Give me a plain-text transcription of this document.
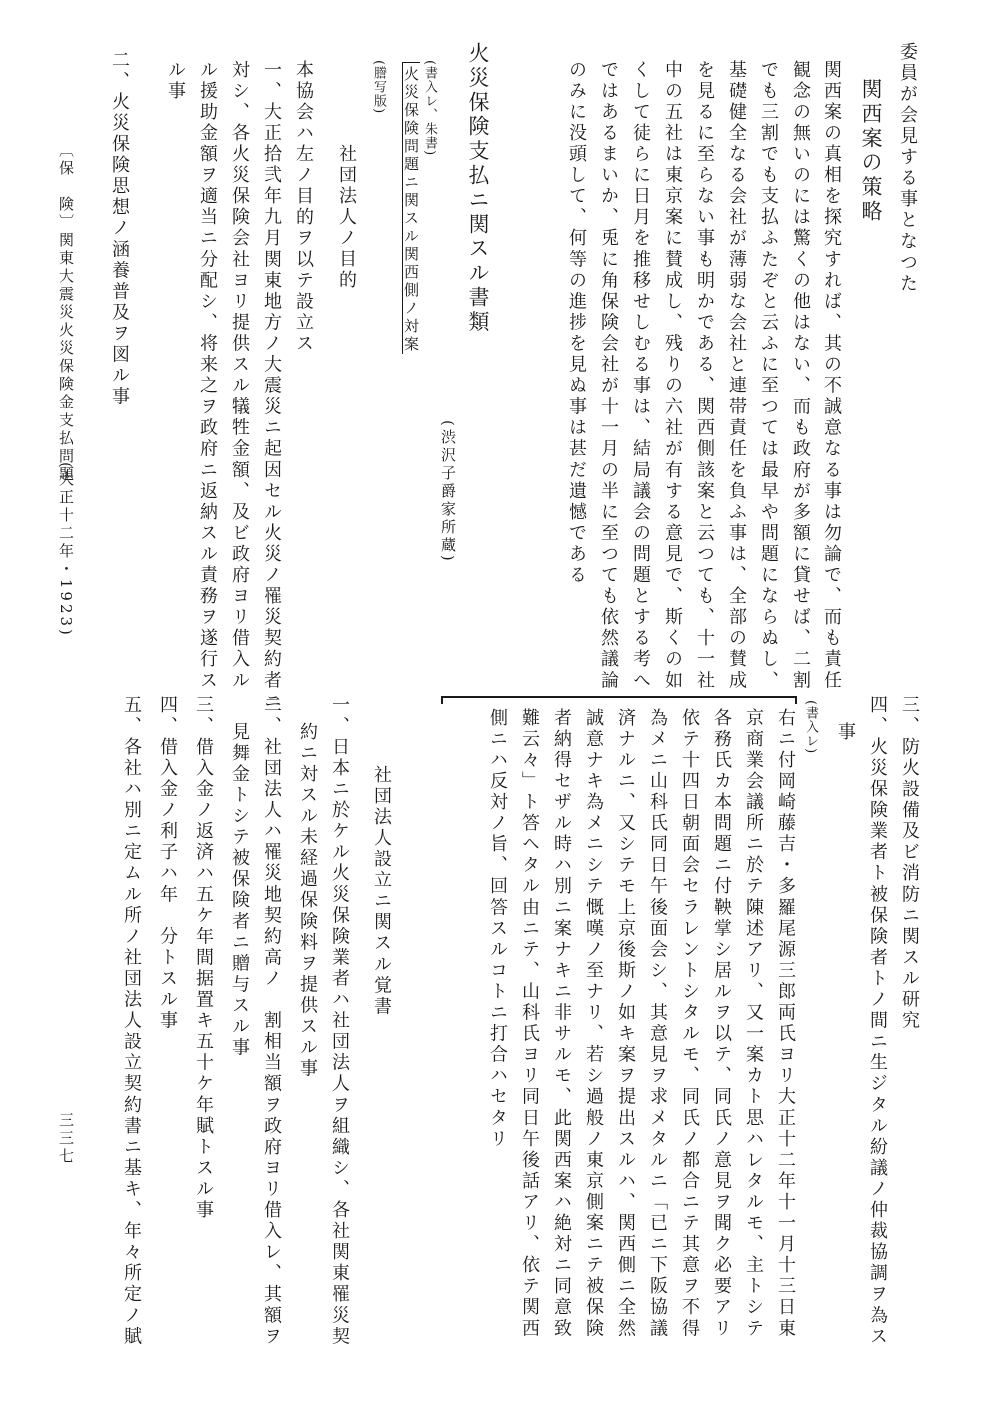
委員が会見する事となつた
関西案の策略
関西案の真相を探究すれば、其の不誠意なる事は勿論で、而も責任
観念の無いのには驚くの他はない、而も政府が多額に貸せば、二割
でも三割でも支払ふたぞと云ふに至つては最早や問題にならぬし、
基礎健全なる会社が薄弱な会社と連帯責任を負ふ事は、全部の賛成
を見るに至らない事も明かである、関西側該案と云つても、十一社
中の五社は東京案に賛成し、残りの六社が有する意見で、斯くの如
くして徒らに日月を推移せしむる事は、結局議会の問題とする考へ
ではあるまいか、兎に角保険会社が十一月の半に至つても依然議論
のみに没頭して、何等の進捗を見ぬ事は甚だ遺憾である
火災保険支払ニ関スル書類
(渋沢子爵家所蔵)
(書入レ、朱書)
火災保険問題ニ関スル関西側ノ対案
(謄写版)
社団法人ノ目的
本協会ハ左ノ目的ヲ以テ設立ス
一、大正拾弐年九月関東地方ノ大震災ニ起因セル火災ノ罹災契約者ニ
対シ、各火災保険会社ヨリ提供スル犠牲金額、及ビ政府ヨリ借入ル
ル援助金額ヲ適当ニ分配シ、将来之ヲ政府ニ返納スル責務ヲ遂行ス
ル事
二、火災保険思想ノ涵養普及ヲ図ル事
〔保　険〕
関東大震災火災保険金支払問題
(大正十二年・1923)
三、防火設備及ビ消防ニ関スル研究
四、火災保険業者ト被保険者トノ間ニ生ジタル紛議ノ仲裁協調ヲ為ス
事
(書入レ)
右ニ付岡崎藤吉・多羅尾源三郎両氏ヨリ大正十二年十一月十三日東
京商業会議所ニ於テ陳述アリ、又一案カト思ハレタルモ、主トシテ
各務氏カ本問題ニ付鞅掌シ居ルヲ以テ、同氏ノ意見ヲ聞ク必要アリ
依テ十四日朝面会セラレントシタルモ、同氏ノ都合ニテ其意ヲ不得
為メニ山科氏同日午後面会シ、其意見ヲ求メタルニ「已ニ下阪協議
済ナルニ、又シテモ上京後斯ノ如キ案ヲ提出スルハ、関西側ニ全然
誠意ナキ為メニシテ慨嘆ノ至ナリ、若シ過般ノ東京側案ニテ被保険
者納得セザル時ハ別ニ案ナキニ非サルモ、此関西案ハ絶対ニ同意致
難云々」ト答ヘタル由ニテ、山科氏ヨリ同日午後話アリ、依テ関西
側ニハ反対ノ旨、回答スルコトニ打合ハセタリ
社団法人設立ニ関スル覚書
一、日本ニ於ケル火災保険業者ハ社団法人ヲ組織シ、各社関東罹災契
約ニ対スル未経過保険料ヲ提供スル事
二、社団法人ハ罹災地契約高ノ　割相当額ヲ政府ヨリ借入レ、其額ヲ
見舞金トシテ被保険者ニ贈与スル事
三、借入金ノ返済ハ五ケ年間据置キ五十ケ年賦トスル事
四、借入金ノ利子ハ年　分トスル事
五、各社ハ別ニ定ムル所ノ社団法人設立契約書ニ基キ、年々所定ノ賦
三三七
